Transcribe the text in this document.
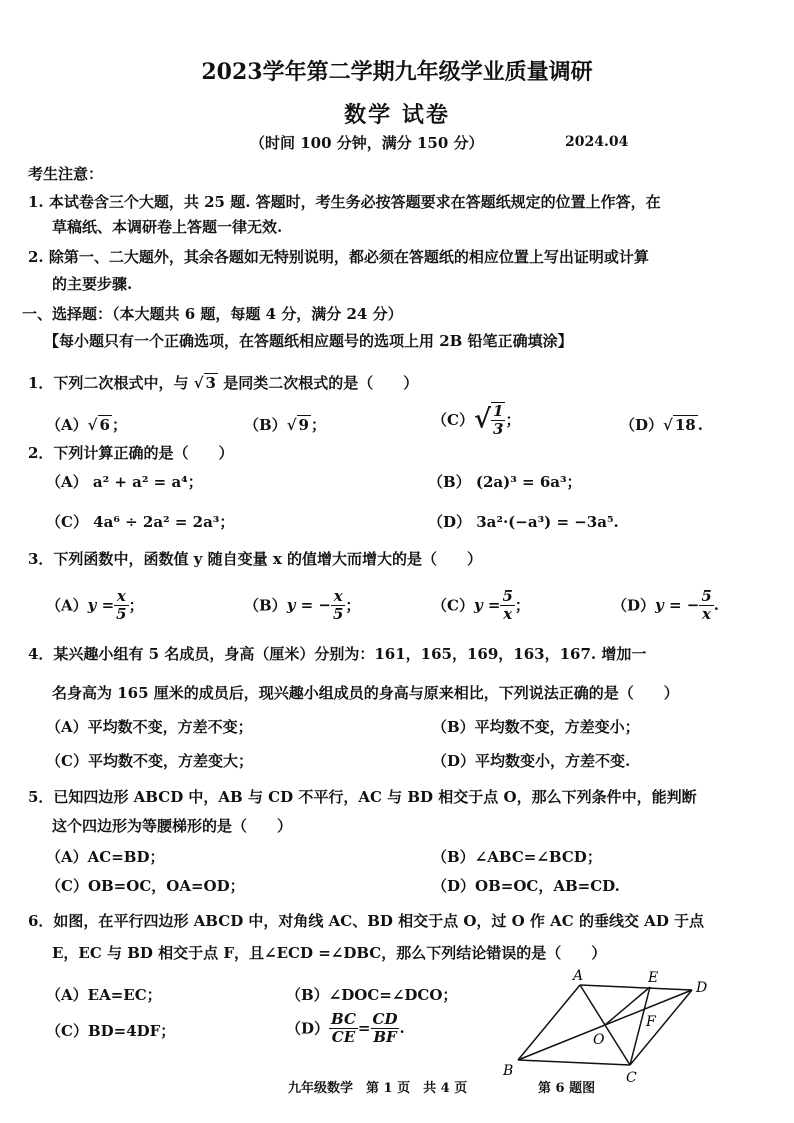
2023学年第二学期九年级学业质量调研
数学 试卷
（时间 100 分钟，满分 150 分）	2024.04
考生注意：
1. 本试卷含三个大题，共 25 题. 答题时，考生务必按答题要求在答题纸规定的位置上作答，在
草稿纸、本调研卷上答题一律无效.
2. 除第一、二大题外，其余各题如无特别说明，都必须在答题纸的相应位置上写出证明或计算
的主要步骤.
一、选择题：（本大题共 6 题，每题 4 分，满分 24 分）
【每小题只有一个正确选项，在答题纸相应题号的选项上用 2B 铅笔正确填涂】
1．下列二次根式中，与 √ 3 是同类二次根式的是（　　）
（A）√ 6 ；	（B）√ 9 ；	$(C)√ \frac{1}{3}$ ；	（D）√ 18 .
2．下列计算正确的是（　　）
（A） a² + a² = a⁴；	（B） (2a)³ = 6a³；
（C） 4a⁶ ÷ 2a² = 2a³；	（D） 3a²·(−a³) = −3a⁵.
3．下列函数中，函数值 y 随自变量 x 的值增大而增大的是（　　）
$(A)y = \frac{x}{5}$ ；	（B）y = − $\frac{x}{5}$ ；	$(C)y = \frac{5}{x}$ ；	（D）y = − $\frac{5}{x}$ .
4．某兴趣小组有 5 名成员，身高（厘米）分别为：161，165，169，163，167. 增加一
名身高为 165 厘米的成员后，现兴趣小组成员的身高与原来相比，下列说法正确的是（　　）
（A）平均数不变，方差不变；	（B）平均数不变，方差变小；
（C）平均数不变，方差变大；	（D）平均数变小，方差不变.
5．已知四边形 ABCD 中，AB 与 CD 不平行，AC 与 BD 相交于点 O，那么下列条件中，能判断
这个四边形为等腰梯形的是（　　）
（A）AC=BD；	（B）∠ABC=∠BCD；
（C）OB=OC，OA=OD；	（D）OB=OC，AB=CD.
6．如图，在平行四边形 ABCD 中，对角线 AC、BD 相交于点 O，过 O 作 AC 的垂线交 AD 于点
E，EC 与 BD 相交于点 F，且∠ECD =∠DBC，那么下列结论错误的是（　　）
（A）EA=EC；	（B）∠DOC=∠DCO；
（C）BD=4DF；	$(D) \frac{BC}{CE} = \frac{CD}{BF}$ .
A
B	C
D
E
F
O
九年级数学　第 1 页　共 4 页	第 6 题图
